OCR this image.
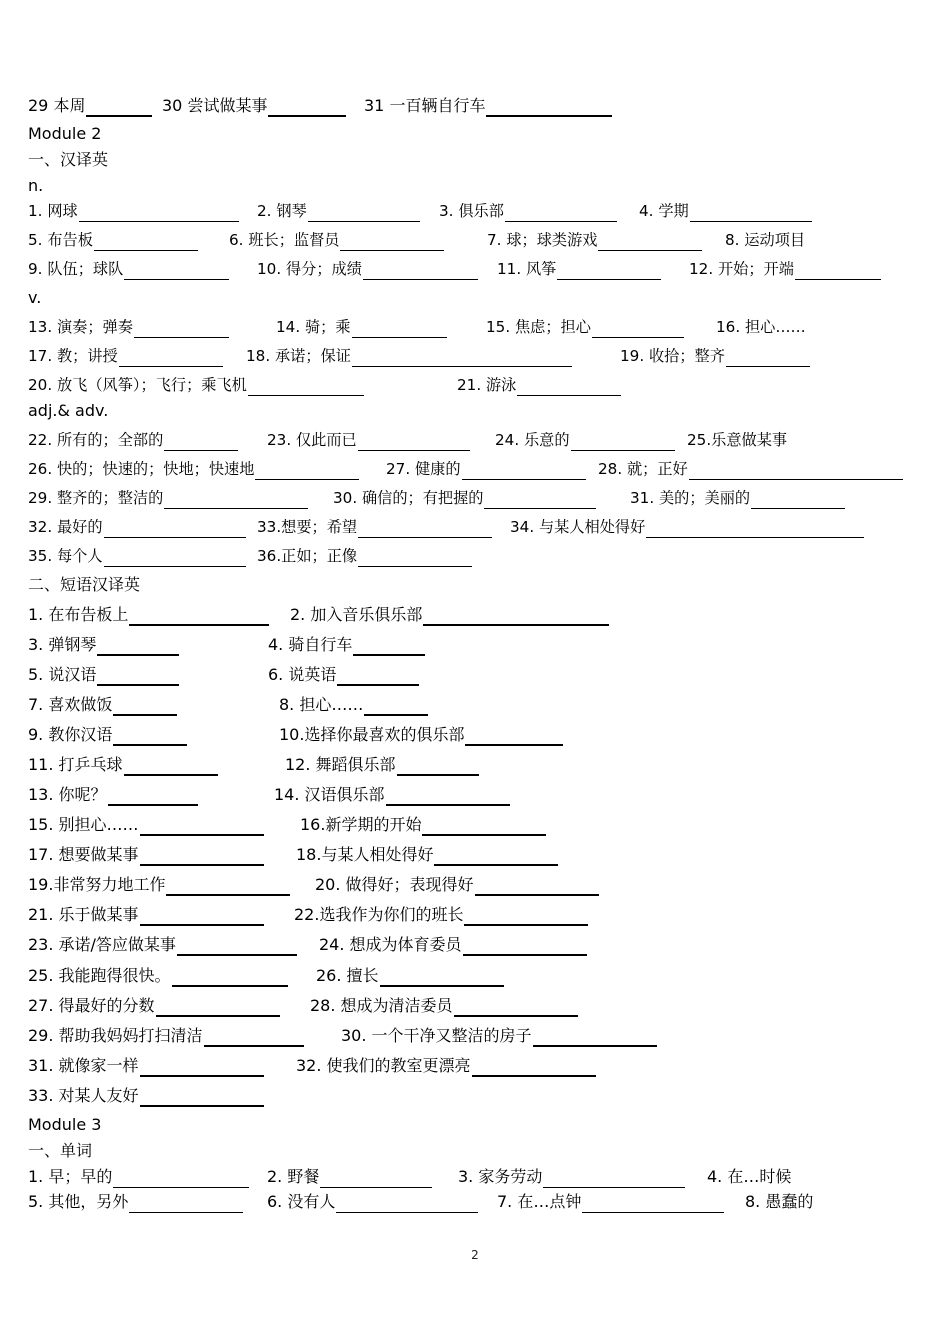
29 本周	30 尝试做某事	31 一百辆自行车
Module 2
一、汉译英
n.
1. 网球	2. 钢琴	3. 俱乐部	4. 学期
5. 布告板	6. 班长；监督员	7. 球；球类游戏	8. 运动项目
9. 队伍；球队	10. 得分；成绩	11. 风筝	12. 开始；开端
v.
13. 演奏；弹奏	14. 骑；乘	15. 焦虑；担心	16. 担心……
17. 教；讲授	18. 承诺；保证	19. 收拾；整齐
20. 放飞（风筝）；飞行；乘飞机	21. 游泳
adj.& adv.
22. 所有的；全部的	23. 仅此而已	24. 乐意的	25.乐意做某事
26. 快的；快速的；快地；快速地	27. 健康的	28. 就；正好
29. 整齐的；整洁的	30. 确信的；有把握的	31. 美的；美丽的
32. 最好的	33.想要；希望	34. 与某人相处得好
35. 每个人	36.正如；正像
二、短语汉译英
1. 在布告板上	2. 加入音乐俱乐部
3. 弹钢琴	4. 骑自行车
5. 说汉语	6. 说英语
7. 喜欢做饭	8. 担心……
9. 教你汉语	10.选择你最喜欢的俱乐部
11. 打乒乓球	12. 舞蹈俱乐部
13. 你呢？	14. 汉语俱乐部
15. 别担心……	16.新学期的开始
17. 想要做某事	18.与某人相处得好
19.非常努力地工作	20. 做得好；表现得好
21. 乐于做某事	22.选我作为你们的班长
23. 承诺/答应做某事	24. 想成为体育委员
25. 我能跑得很快。	26. 擅长
27. 得最好的分数	28. 想成为清洁委员
29. 帮助我妈妈打扫清洁	30. 一个干净又整洁的房子
31. 就像家一样	32. 使我们的教室更漂亮
33. 对某人友好
Module 3
一、单词
1. 早；早的	2. 野餐	3. 家务劳动	4. 在…时候
5. 其他，另外	6. 没有人	7. 在…点钟	8. 愚蠢的
2
